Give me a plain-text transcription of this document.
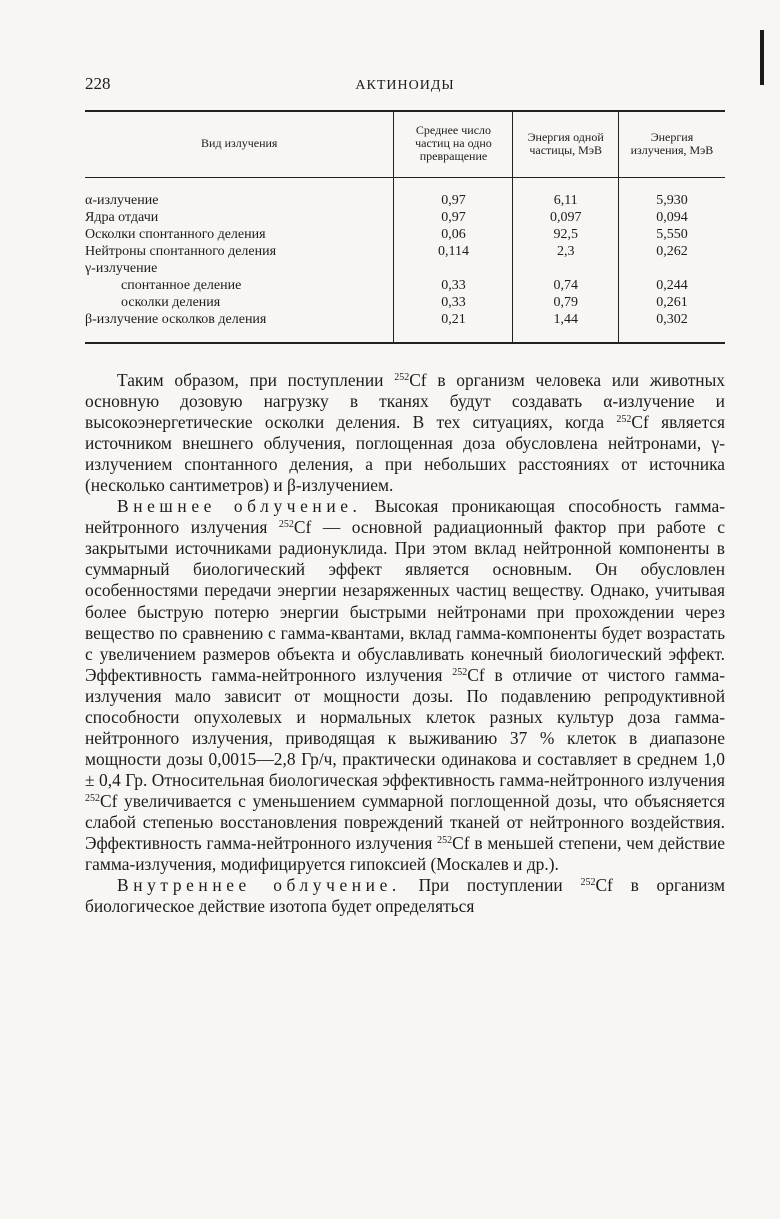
228	АКТИНОИДЫ

Вид излучения	Среднее число частиц на одно превращение	Энергия одной частицы, МэВ	Энергия излучения, МэВ

α-излучение	0,97	6,11	5,930
Ядра отдачи	0,97	0,097	0,094
Осколки спонтанного деления	0,06	92,5	5,550
Нейтроны спонтанного деления	0,114	2,3	0,262
γ-излучение			
спонтанное деление	0,33	0,74	0,244
осколки деления	0,33	0,79	0,261
β-излучение осколков деления	0,21	1,44	0,302

Таким образом, при поступлении $^{252}$Cf в организм человека или животных основную дозовую нагрузку в тканях будут создавать α-излучение и высокоэнергетические осколки деления. В тех ситуациях, когда $^{252}$Cf является источником внешнего облучения, поглощенная доза обусловлена нейтронами, γ-излучением спонтанного деления, а при небольших расстояниях от источника (несколько сантиметров) и β-излучением.

Внешнее облучение. Высокая проникающая способность гамма-нейтронного излучения $^{252}$Cf — основной радиационный фактор при работе с закрытыми источниками радионуклида. При этом вклад нейтронной компоненты в суммарный биологический эффект является основным. Он обусловлен особенностями передачи энергии незаряженных частиц веществу. Однако, учитывая более быструю потерю энергии быстрыми нейтронами при прохождении через вещество по сравнению с гамма-квантами, вклад гамма-компоненты будет возрастать с увеличением размеров объекта и обуславливать конечный биологический эффект. Эффективность гамма-нейтронного излучения $^{252}$Cf в отличие от чистого гамма-излучения мало зависит от мощности дозы. По подавлению репродуктивной способности опухолевых и нормальных клеток разных культур доза гамма-нейтронного излучения, приводящая к выживанию 37 % клеток в диапазоне мощности дозы 0,0015—2,8 Гр/ч, практически одинакова и составляет в среднем 1,0 ± 0,4 Гр. Относительная биологическая эффективность гамма-нейтронного излучения $^{252}$Cf увеличивается с уменьшением суммарной поглощенной дозы, что объясняется слабой степенью восстановления повреждений тканей от нейтронного воздействия. Эффективность гамма-нейтронного излучения $^{252}$Cf в меньшей степени, чем действие гамма-излучения, модифицируется гипоксией (Москалев и др.).

Внутреннее облучение. При поступлении $^{252}$Cf в организм биологическое действие изотопа будет определяться
